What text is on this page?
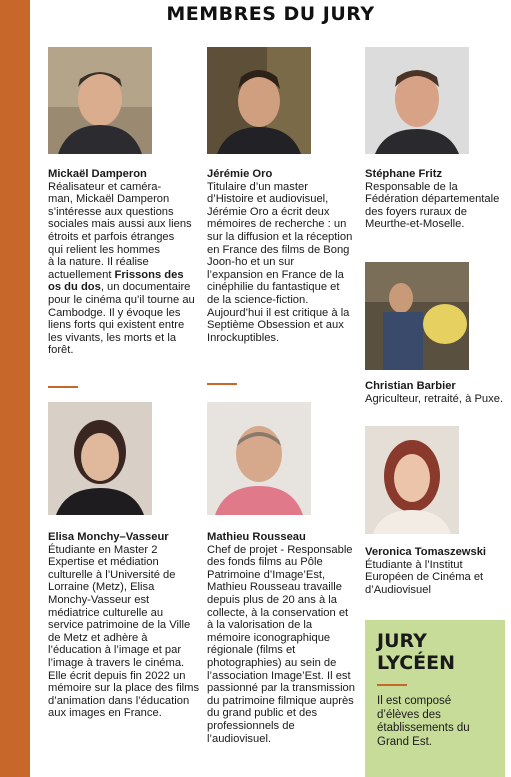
MEMBRES DU JURY
Mickaël Damperon
Réalisateur et caméra-
man, Mickaël Damperon
s’intéresse aux questions
sociales mais aussi aux liens
étroits et parfois étranges
qui relient les hommes
à la nature. Il réalise
actuellement Frissons des os du dos, un documentaire pour le cinéma qu’il tourne au Cambodge. Il y évoque les liens forts qui existent entre les vivants, les morts et la forêt.
Elisa Monchy–Vasseur
Étudiante en Master 2 Expertise et médiation culturelle à l’Université de Lorraine (Metz), Elisa Monchy-Vasseur est médiatrice culturelle au service patrimoine de la Ville de Metz et adhère à l’éducation à l’image et par l’image à travers le cinéma. Elle écrit depuis fin 2022 un mémoire sur la place des films d’animation dans l’éducation aux images en France.
Jérémie Oro
Titulaire d’un master d’Histoire et audiovisuel, Jérémie Oro a écrit deux mémoires de recherche : un sur la diffusion et la réception en France des films de Bong Joon-ho et un sur l’expansion en France de la cinéphilie du fantastique et de la science-fiction. Aujourd’hui il est critique à la Septième Obsession et aux Inrockuptibles.
Mathieu Rousseau
Chef de projet - Responsable des fonds films au Pôle Patrimoine d’Image’Est, Mathieu Rousseau travaille depuis plus de 20 ans à la collecte, à la conservation et à la valorisation de la mémoire iconographique régionale (films et photographies) au sein de l’association Image’Est. Il est passionné par la transmission du patrimoine filmique auprès du grand public et des professionnels de l’audiovisuel.
Stéphane Fritz
Responsable de la Fédération départementale des foyers ruraux de Meurthe-et-Moselle.
Christian Barbier
Agriculteur, retraité, à Puxe.
Veronica Tomaszewski
Étudiante à l’Institut Européen de Cinéma et d’Audiovisuel
JURY
LYCÉEN
Il est composé d’élèves des établissements du Grand Est.
